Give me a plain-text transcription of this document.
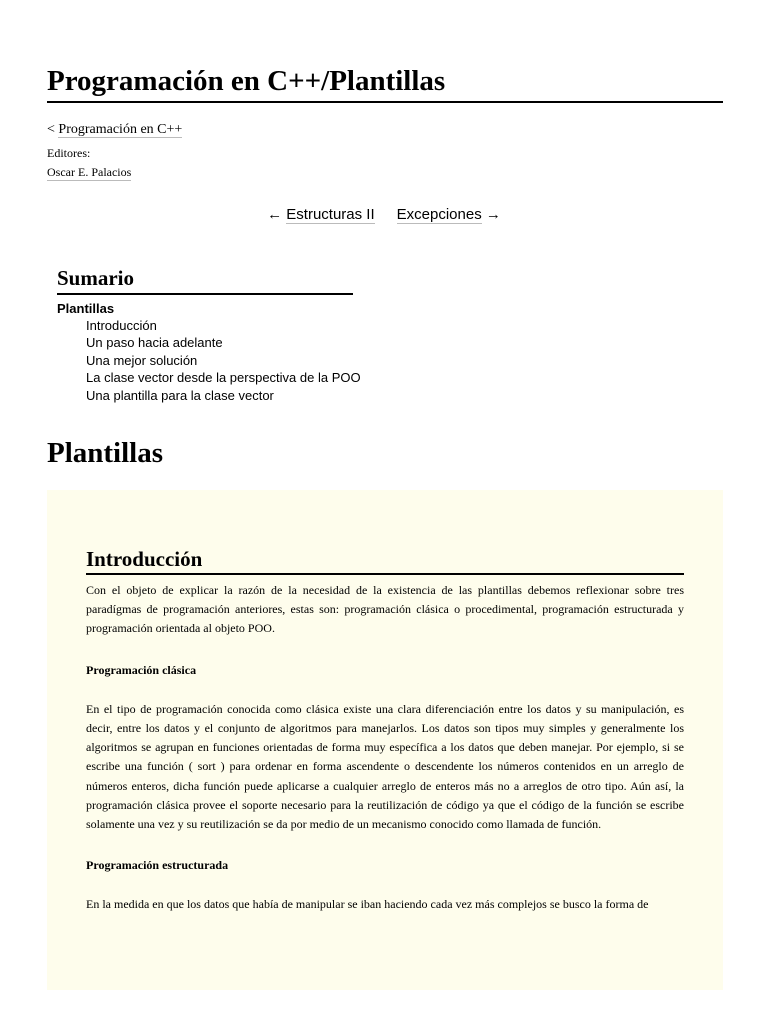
Programación en C++/Plantillas
< Programación en C++
Editores:
Oscar E. Palacios
← Estructuras II Excepciones →
Sumario
Plantillas
Introducción
Un paso hacia adelante
Una mejor solución
La clase vector desde la perspectiva de la POO
Una plantilla para la clase vector
Plantillas
Introducción

Con el objeto de explicar la razón de la necesidad de la existencia de las plantillas debemos reflexionar sobre tres paradígmas de programación anteriores, estas son: programación clásica o procedimental, programación estructurada y programación orientada al objeto POO.

Programación clásica

En el tipo de programación conocida como clásica existe una clara diferenciación entre los datos y su manipulación, es decir, entre los datos y el conjunto de algoritmos para manejarlos. Los datos son tipos muy simples y generalmente los algoritmos se agrupan en funciones orientadas de forma muy específica a los datos que deben manejar. Por ejemplo, si se escribe una función ( sort ) para ordenar en forma ascendente o descendente los números contenidos en un arreglo de números enteros, dicha función puede aplicarse a cualquier arreglo de enteros más no a arreglos de otro tipo. Aún así, la programación clásica provee el soporte necesario para la reutilización de código ya que el código de la función se escribe solamente una vez y su reutilización se da por medio de un mecanismo conocido como llamada de función.

Programación estructurada

En la medida en que los datos que había de manipular se iban haciendo cada vez más complejos se busco la forma de
